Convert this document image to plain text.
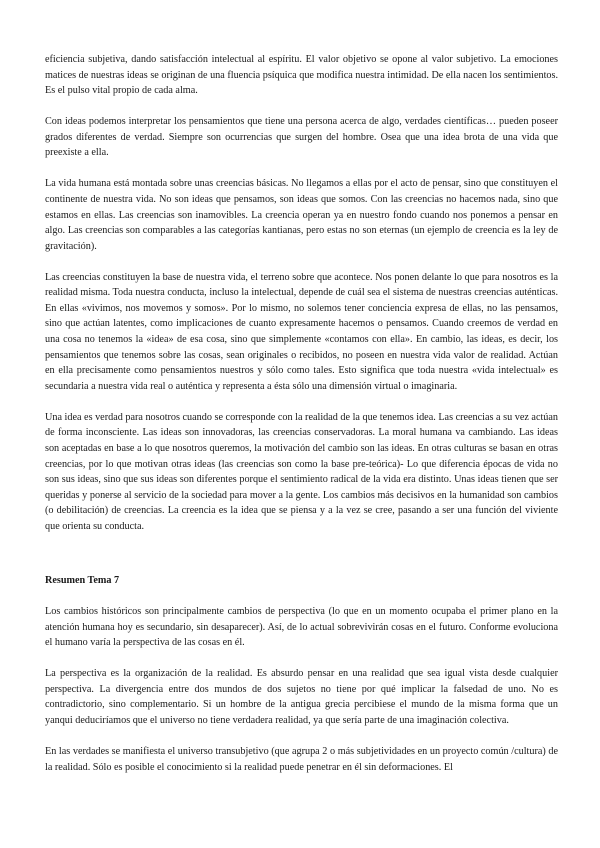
eficiencia subjetiva, dando satisfacción intelectual al espíritu. El valor objetivo se opone al valor subjetivo. La emociones matices de nuestras ideas se originan de una fluencia psíquica que modifica nuestra intimidad. De ella nacen los sentimientos. Es el pulso vital propio de cada alma.

Con ideas podemos interpretar los pensamientos que tiene una persona acerca de algo, verdades científicas… pueden poseer grados diferentes de verdad. Siempre son ocurrencias que surgen del hombre. Osea que una idea brota de una vida que preexiste a ella.

La vida humana está montada sobre unas creencias básicas. No llegamos a ellas por el acto de pensar, sino que constituyen el continente de nuestra vida. No son ideas que pensamos, son ideas que somos. Con las creencias no hacemos nada, sino que estamos en ellas. Las creencias son inamovibles. La creencia operan ya en nuestro fondo cuando nos ponemos a pensar en algo. Las creencias son comparables a las categorías kantianas, pero estas no son eternas (un ejemplo de creencia es la ley de gravitación).

Las creencias constituyen la base de nuestra vida, el terreno sobre que acontece. Nos ponen delante lo que para nosotros es la realidad misma. Toda nuestra conducta, incluso la intelectual, depende de cuál sea el sistema de nuestras creencias auténticas. En ellas «vivimos, nos movemos y somos». Por lo mismo, no solemos tener conciencia expresa de ellas, no las pensamos, sino que actúan latentes, como implicaciones de cuanto expresamente hacemos o pensamos. Cuando creemos de verdad en una cosa no tenemos la «idea» de esa cosa, sino que simplemente «contamos con ella». En cambio, las ideas, es decir, los pensamientos que tenemos sobre las cosas, sean originales o recibidos, no poseen en nuestra vida valor de realidad. Actúan en ella precisamente como pensamientos nuestros y sólo como tales. Esto significa que toda nuestra «vida intelectual» es secundaria a nuestra vida real o auténtica y representa a ésta sólo una dimensión virtual o imaginaria.

Una idea es verdad para nosotros cuando se corresponde con la realidad de la que tenemos idea. Las creencias a su vez actúan de forma inconsciente. Las ideas son innovadoras, las creencias conservadoras. La moral humana va cambiando. Las ideas son aceptadas en base a lo que nosotros queremos, la motivación del cambio son las ideas. En otras culturas se basan en otras creencias, por lo que motivan otras ideas (las creencias son como la base pre-teórica)- Lo que diferencia épocas de vida no son sus ideas, sino que sus ideas son diferentes porque el sentimiento radical de la vida era distinto. Unas ideas tienen que ser queridas y ponerse al servicio de la sociedad para mover a la gente. Los cambios más decisivos en la humanidad son cambios (o debilitación) de creencias. La creencia es la idea que se piensa y a la vez se cree, pasando a ser una función del viviente que orienta su conducta.

Resumen Tema 7

Los cambios históricos son principalmente cambios de perspectiva (lo que en un momento ocupaba el primer plano en la atención humana hoy es secundario, sin desaparecer). Así, de lo actual sobrevivirán cosas en el futuro. Conforme evoluciona el humano varía la perspectiva de las cosas en él.

La perspectiva es la organización de la realidad. Es absurdo pensar en una realidad que sea igual vista desde cualquier perspectiva. La divergencia entre dos mundos de dos sujetos no tiene por qué implicar la falsedad de uno. No es contradictorio, sino complementario. Si un hombre de la antigua grecia percibiese el mundo de la misma forma que un yanqui deduciríamos que el universo no tiene verdadera realidad, ya que sería parte de una imaginación colectiva.

En las verdades se manifiesta el universo transubjetivo (que agrupa 2 o más subjetividades en un proyecto común /cultura) de la realidad. Sólo es posible el conocimiento si la realidad puede penetrar en él sin deformaciones. El
